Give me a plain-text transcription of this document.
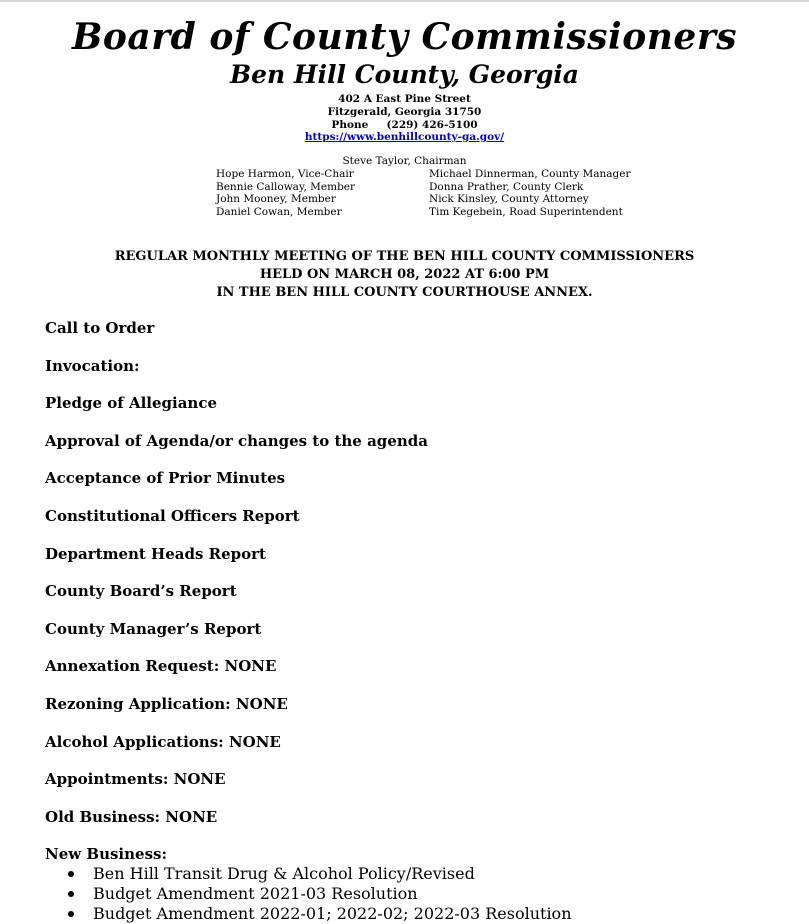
Board of County Commissioners
Ben Hill County, Georgia
402 A East Pine Street
Fitzgerald, Georgia 31750
Phone     (229) 426-5100
https://www.benhillcounty-ga.gov/
Steve Taylor, Chairman
Hope Harmon, Vice-Chair
Bennie Calloway, Member
John Mooney, Member
Daniel Cowan, Member
Michael Dinnerman, County Manager
Donna Prather, County Clerk
Nick Kinsley, County Attorney
Tim Kegebein, Road Superintendent
REGULAR MONTHLY MEETING OF THE BEN HILL COUNTY COMMISSIONERS
HELD ON MARCH 08, 2022 AT 6:00 PM
IN THE BEN HILL COUNTY COURTHOUSE ANNEX.
Call to Order
Invocation:
Pledge of Allegiance
Approval of Agenda/or changes to the agenda
Acceptance of Prior Minutes
Constitutional Officers Report
Department Heads Report
County Board’s Report
County Manager’s Report
Annexation Request: NONE
Rezoning Application: NONE
Alcohol Applications: NONE
Appointments: NONE
Old Business: NONE
New Business:
Ben Hill Transit Drug & Alcohol Policy/Revised
Budget Amendment 2021-03 Resolution
Budget Amendment 2022-01; 2022-02; 2022-03 Resolution
